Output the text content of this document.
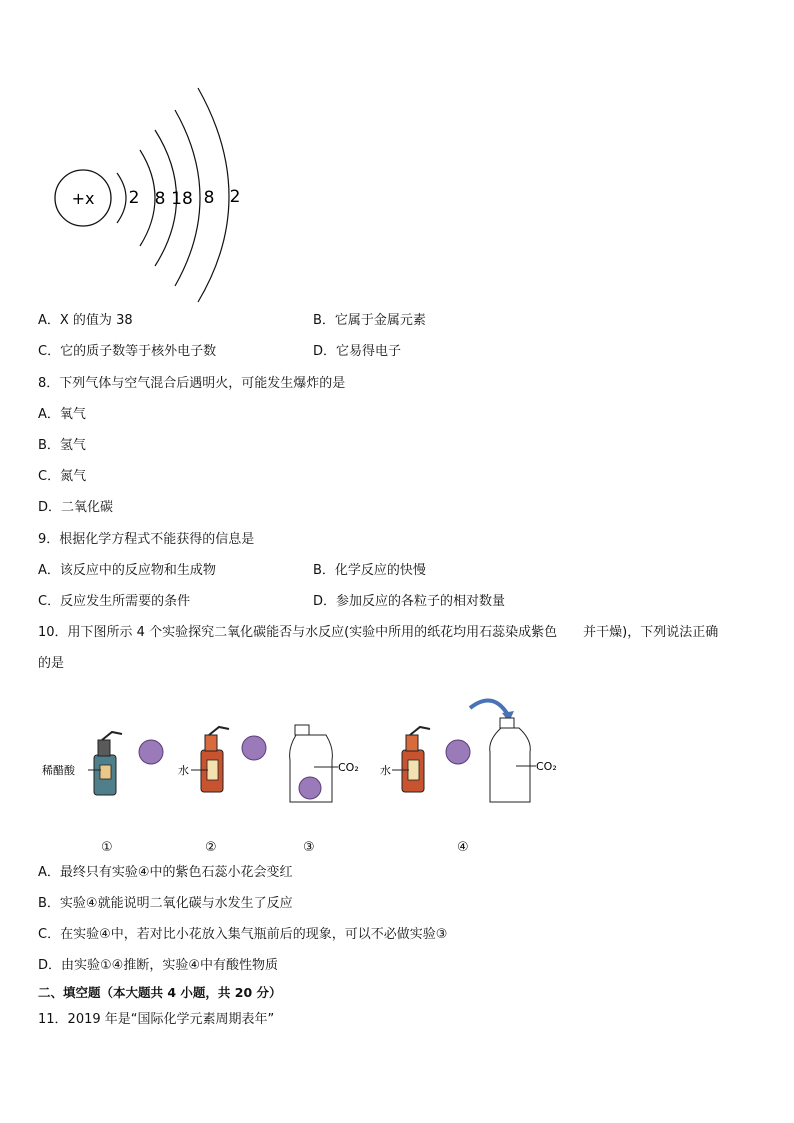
+x 2 8 18 8 2
A．X 的值为 38	B．它属于金属元素
C．它的质子数等于核外电子数	D．它易得电子
8．下列气体与空气混合后遇明火，可能发生爆炸的是
A．氧气
B．氢气
C．氮气
D．二氧化碳
9．根据化学方程式不能获得的信息是
A．该反应中的反应物和生成物	B．化学反应的快慢
C．反应发生所需要的条件	D．参加反应的各粒子的相对数量
10．用下图所示 4 个实验探究二氧化碳能否与水反应(实验中所用的纸花均用石蕊染成紫色　　并干燥)，下列说法正确
的是
稀醋酸	水	CO₂ 水	CO₂
①	②	③	④
A．最终只有实验④中的紫色石蕊小花会变红
B．实验④就能说明二氧化碳与水发生了反应
C．在实验④中，若对比小花放入集气瓶前后的现象，可以不必做实验③
D．由实验①④推断，实验④中有酸性物质
二、填空题（本大题共 4 小题，共 20 分）
11．2019 年是“国际化学元素周期表年”
